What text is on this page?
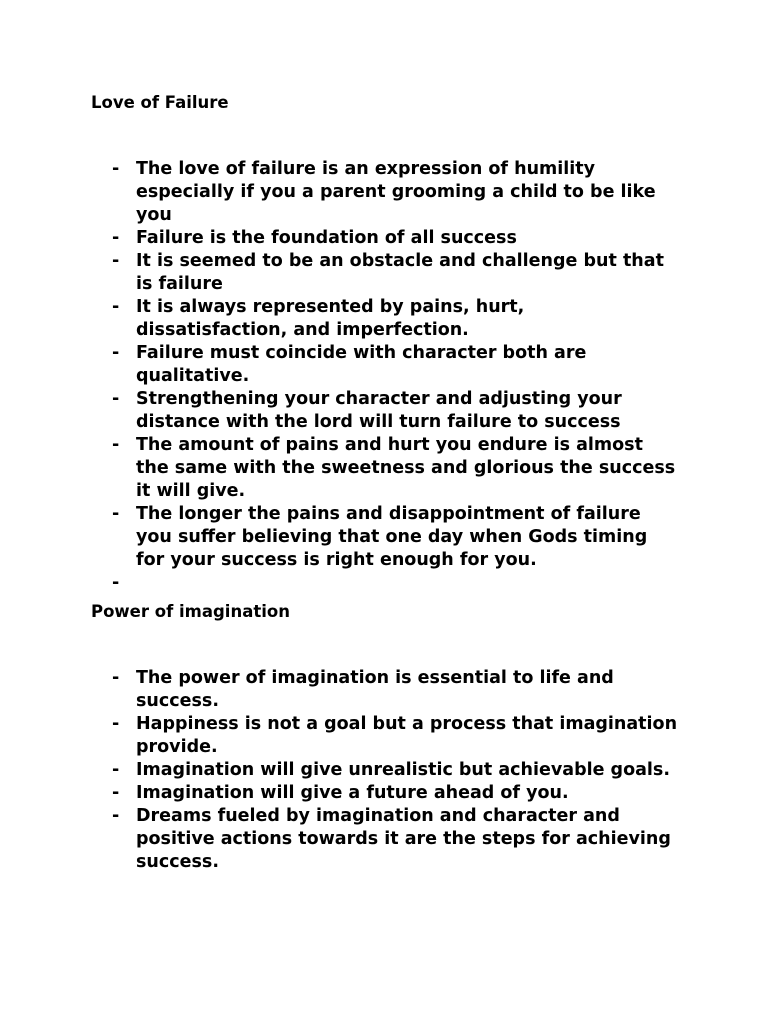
Love of Failure
- The love of failure is an expression of humility especially if you a parent grooming a child to be like you
- Failure is the foundation of all success
- It is seemed to be an obstacle and challenge but that is failure
- It is always represented by pains, hurt, dissatisfaction, and imperfection.
- Failure must coincide with character both are qualitative.
- Strengthening your character and adjusting your distance with the lord will turn failure to success
- The amount of pains and hurt you endure is almost the same with the sweetness and glorious the success it will give.
- The longer the pains and disappointment of failure you suffer believing that one day when Gods timing for your success is right enough for you.
-
Power of imagination
- The power of imagination is essential to life and success.
- Happiness is not a goal but a process that imagination provide.
- Imagination will give unrealistic but achievable goals.
- Imagination will give a future ahead of you.
- Dreams fueled by imagination and character and positive actions towards it are the steps for achieving success.
